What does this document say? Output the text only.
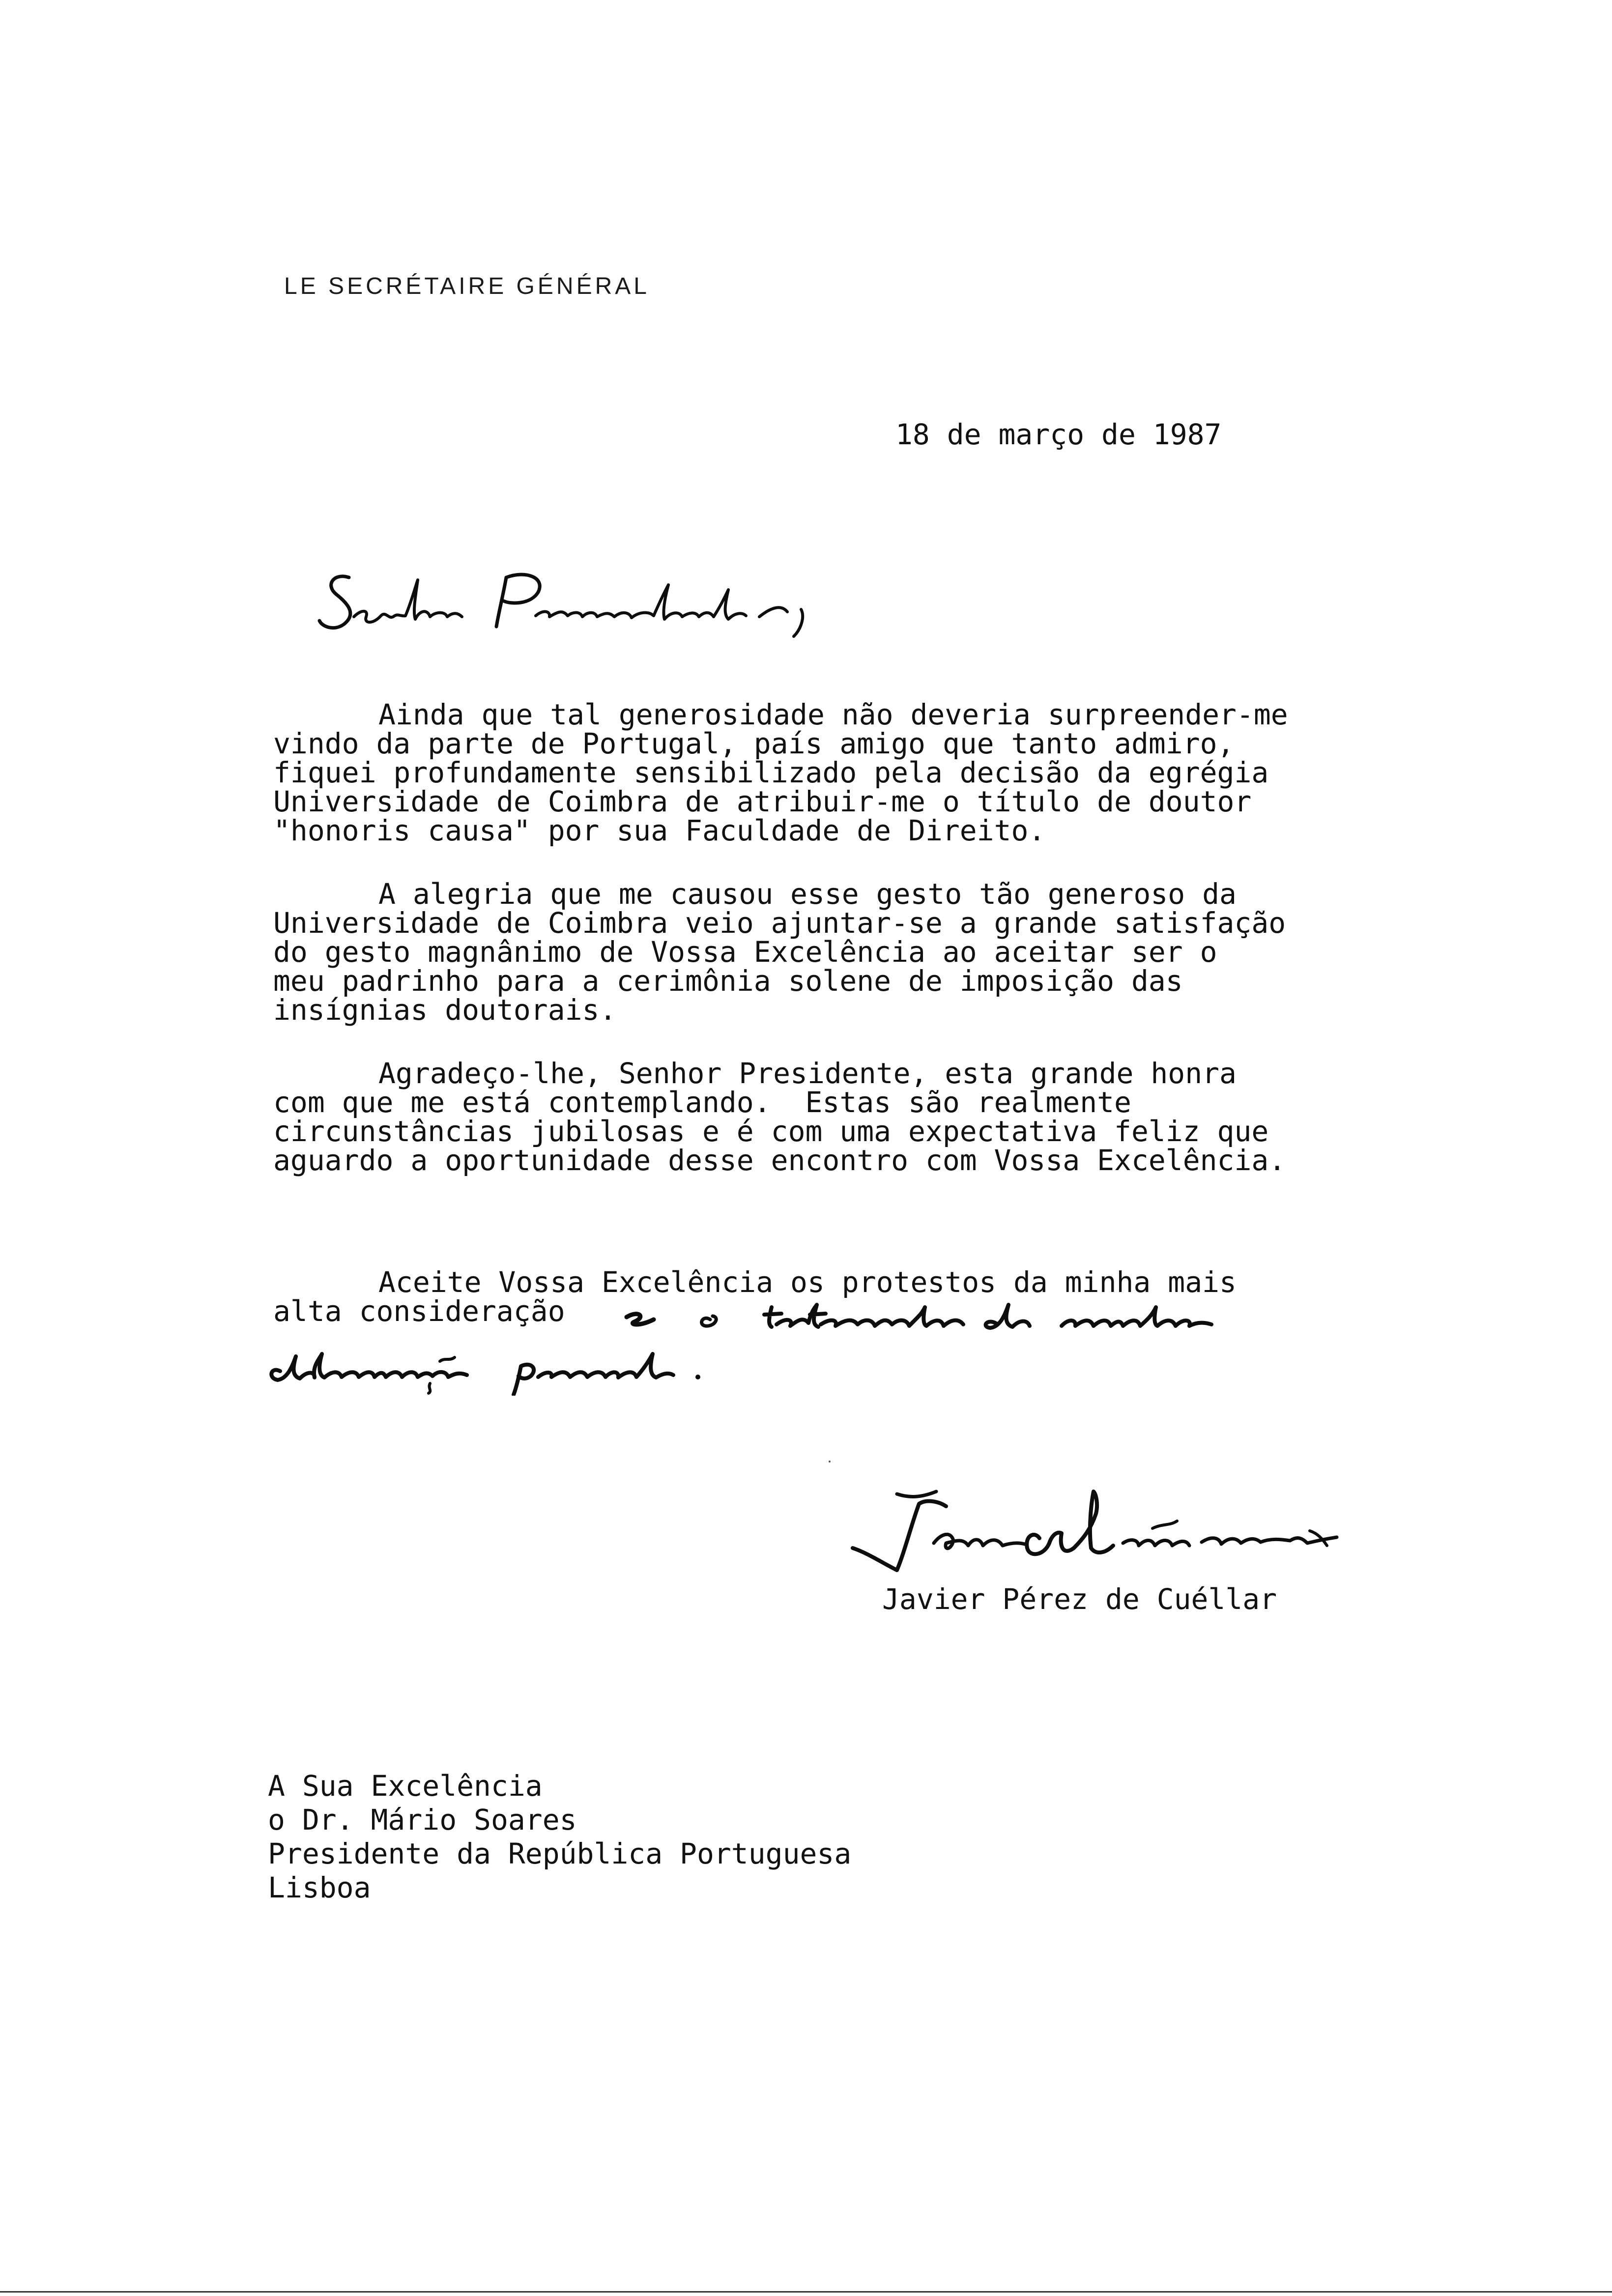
LE SECRÉTAIRE GÉNÉRAL
18 de março de 1987
Ainda que tal generosidade não deveria surpreender-me
vindo da parte de Portugal, país amigo que tanto admiro,
fiquei profundamente sensibilizado pela decisão da egrégia
Universidade de Coimbra de atribuir-me o título de doutor
"honoris causa" por sua Faculdade de Direito.
A alegria que me causou esse gesto tão generoso da
Universidade de Coimbra veio ajuntar-se a grande satisfação
do gesto magnânimo de Vossa Excelência ao aceitar ser o
meu padrinho para a cerimônia solene de imposição das
insígnias doutorais.
Agradeço-lhe, Senhor Presidente, esta grande honra
com que me está contemplando.  Estas são realmente
circunstâncias jubilosas e é com uma expectativa feliz que
aguardo a oportunidade desse encontro com Vossa Excelência.
Aceite Vossa Excelência os protestos da minha mais
alta consideração
Javier Pérez de Cuéllar
A Sua Excelência
o Dr. Mário Soares
Presidente da República Portuguesa
Lisboa
